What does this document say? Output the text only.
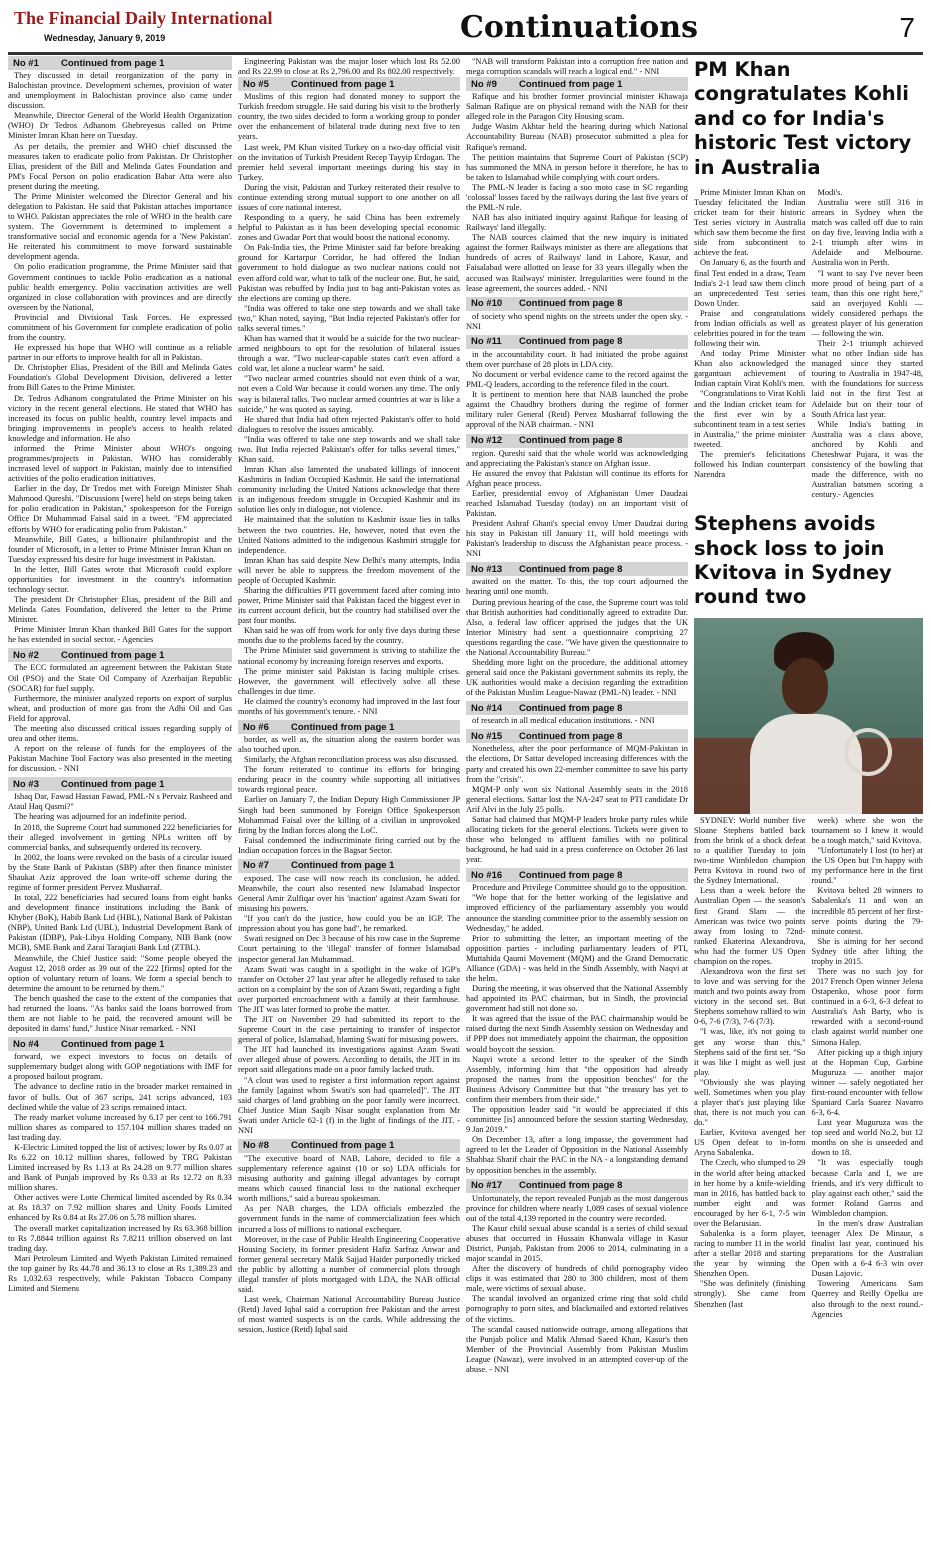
The Financial Daily International
Wednesday, January 9, 2019	Continuations	7
No #1	Continued from page 1

They discussed in detail reorganization of the party in Balochistan province. Development schemes, provision of water and unemployment in Balochistan province also came under discussion.

Meanwhile, Director General of the World Health Organization (WHO) Dr Tedros Adhanom Ghebreyesus called on Prime Minister Imran Khan here on Tuesday.

As per details, the premier and WHO chief discussed the measures taken to eradicate polio from Pakistan. Dr Christopher Elias, president of the Bill and Melinda Gates Foundation and PM's Focal Person on polio eradication Babar Atta were also present during the meeting.

The Prime Minister welcomed the Director General and his delegation to Pakistan. He said that Pakistan attaches importance to WHO. Pakistan appreciates the role of WHO in the health care system. The Government is determined to implement a transformative social and economic agenda for a 'New Pakistan'. He reiterated his commitment to move forward sustainable development agenda.

On polio eradication programme, the Prime Minister said that Government continues to tackle Polio eradication as a national public health emergency. Polio vaccination activities are well organized in close collaboration with provinces and are directly overseen by the National,

Provincial and Divisional Task Forces. He expressed commitment of his Government for complete eradication of polio from the country.

He expressed his hope that WHO will continue as a reliable partner in our efforts to improve health for all in Pakistan.

Dr. Christopher Elias, President of the Bill and Melinda Gates Foundation's Global Development Division, delivered a letter from Bill Gates to the Prime Minister.

Dr. Tedros Adhanom congratulated the Prime Minister on his victory in the recent general elections. He stated that WHO has increased its focus on public health, country level impacts and bringing improvements in people's access to health related knowledge and information. He also

informed the Prime Minister about WHO's ongoing programmes/projects in Pakistan. WHO has considerably increased level of support in Pakistan, mainly due to intensified activities of the polio eradication initiatives.

Earlier in the day, Dr Tredos met with Foreign Minister Shah Mahmood Qureshi. "Discussions [were] held on steps being taken for polio eradication in Pakistan," spokesperson for the Foreign Office Dr Muhammad Faisal said in a tweet. "FM appreciated efforts by WHO for eradicating polio from Pakistan."

Meanwhile, Bill Gates, a billionaire philanthropist and the founder of Microsoft, in a letter to Prime Minister Imran Khan on Tuesday expressed his desire for huge investment in Pakistan.

In the letter, Bill Gates wrote that Microsoft could explore opportunities for investment in the country's information technology sector.

The president Dr Christopher Elias, president of the Bill and Melinda Gates Foundation, delivered the letter to the Prime Minister.

Prime Minister Imran Khan thanked Bill Gates for the support he has extended in social sector. - Agencies

No #2	Continued from page 1

The ECC formulated an agreement between the Pakistan State Oil (PSO) and the State Oil Company of Azerbaijan Republic (SOCAR) for fuel supply.

Furthermore, the minister analyzed reports on export of surplus wheat, and production of more gas from the Adhi Oil and Gas Field for approval.

The meeting also discussed critical issues regarding supply of urea and other items.

A report on the release of funds for the employees of the Pakistan Machine Tool Factory was also presented in the meeting for discussion. - NNI

No #3	Continued from page 1

Ishaq Dar, Fawad Hassan Fawad, PML-N s Pervaiz Rasheed and Ataul Haq Qasmi?"

The hearing was adjourned for an indefinite period.

In 2018, the Supreme Court had summoned 222 beneficiaries for their alleged involvement in getting NPLs written off by commercial banks, and subsequently ordered its recovery.

In 2002, the loans were revoked on the basis of a circular issued by the State Bank of Pakistan (SBP) after then finance minister Shaukat Aziz approved the loan write-off scheme during the regime of former president Pervez Musharraf.

In total, 222 beneficiaries had secured loans from eight banks and development finance institutions including the Bank of Khyber (BoK), Habib Bank Ltd (HBL), National Bank of Pakistan (NBP), United Bank Ltd (UBL), Industrial Development Bank of Pakistan (IDBP), Pak-Libya Holding Company, NIB Bank (now MCB), SME Bank and Zarai Taraqiati Bank Ltd (ZTBL).

Meanwhile, the Chief Justice said: "Some people obeyed the August 12, 2018 order as 39 out of the 222 [firms] opted for the option of voluntary return of loans. We form a special bench to determine the amount to be returned by them."

The bench quashed the case to the extent of the companies that had returned the loans. "As banks said the loans borrowed from them are not liable to be paid, the recovered amount will be deposited in dams' fund," Justice Nisar remarked. - NNI

No #4	Continued from page 1

forward, we expect investors to focus on details of supplementary budget along with GOP negotiations with IMF for a proposed bailout program.

The advance to decline ratio in the broader market remained in favor of bulls. Out of 367 scrips, 241 scrips advanced, 103 declined while the value of 23 scrips remained intact.

The ready market volume increased by 6.17 per cent to 166.791 million shares as compared to 157.104 million shares traded on last trading day.

K-Electric Limited topped the list of actives; lower by Rs 0.07 at Rs 6.22 on 10.12 million shares, followed by TRG Pakistan Limited increased by Rs 1.13 at Rs 24.28 on 9.77 million shares and Bank of Punjab improved by Rs 0.33 at Rs 12.72 on 8.33 million shares.

Other actives were Lotte Chemical limited ascended by Rs 0.34 at Rs 18.37 on 7.92 million shares and Unity Foods Limited enhanced by Rs 0.84 at Rs 27.06 on 5.78 million shares.

The overall market capitalization increased by Rs 63.368 billion to Rs 7.8844 trillion against Rs 7.8211 trillion observed on last trading day.

Mari Petroleum Limited and Wyeth Pakistan Limited remained the top gainer by Rs 44.78 and 36.13 to close at Rs 1,389.23 and Rs 1,032.63 respectively, while Pakistan Tobacco Company Limited and Siemens

Engineering Pakistan was the major loser which lost Rs 52.00 and Rs 22.99 to close at Rs 2,796.00 and Rs 802.00 respectively.

No #5	Continued from page 1

Muslims of this region had donated money to support the Turkish freedom struggle. He said during his visit to the brotherly country, the two sides decided to form a working group to ponder over the enhancement of bilateral trade during next five to ten years.

Last week, PM Khan visited Turkey on a two-day official visit on the invitation of Turkish President Recep Tayyip Erdogan. The premier held several important meetings during his stay in Turkey.

During the visit, Pakistan and Turkey reiterated their resolve to continue extending strong mutual support to one another on all issues of core national interest.

Responding to a query, he said China has been extremely helpful to Pakistan as it has been developing special economic zones and Gwadar Port that would boost the national economy.

On Pak-India ties, the Prime Minister said far before breaking ground for Kartarpur Corridor, he had offered the Indian government to hold dialogue as two nuclear nations could not even afford cold war, what to talk of the nuclear one. But, he said, Pakistan was rebuffed by India just to bag anti-Pakistan votes as the elections are coming up there.

"India was offered to take one step towards and we shall take two," Khan noted, saying, "But India rejected Pakistan's offer for talks several times."

Khan has warned that it would be a suicide for the two nuclear-armed neighbours to opt for the resolution of bilateral issues through a war. "Two nuclear-capable states can't even afford a cold war, let alone a nuclear warm" he said.

"Two nuclear armed countries should not even think of a war, not even a Cold War because it could worsen any time. The only way is bilateral talks. Two nuclear armed countries at war is like a suicide," he was quoted as saying.

He shared that India had often rejected Pakistan's offer to hold dialogues to resolve the issues amicably.

"India was offered to take one step towards and we shall take two. But India rejected Pakistan's offer for talks several times," Khan said.

Imran Khan also lamented the unabated killings of innocent Kashmiris in Indian Occupied Kashmir. He said the international community including the United Nations acknowledge that there is an indigenous freedom struggle in Occupied Kashmir and its solution lies only in dialogue, not violence.

He maintained that the solution to Kashmir issue lies in talks between the two countries. He, however, noted that even the United Nations admitted to the indigenous Kashmiri struggle for independence.

Imran Khan has said despite New Delhi's many attempts, India will never be able to suppress the freedom movement of the people of Occupied Kashmir.

Sharing the difficulties PTI government faced after coming into power, Prime Minister said that Pakistan faced the biggest ever in its current account deficit, but the country had stabilised over the past four months.

Khan said he was off from work for only five days during these months due to the problems faced by the country.

The Prime Minister said government is striving to stabilize the national economy by increasing foreign reserves and exports.

The prime minister said Pakistan is facing multiple crises. However, the government will effectively solve all these challenges in due time.

He claimed the country's economy had improved in the last four months of his government's tenure. - NNI

No #6	Continued from page 1

border, as well as, the situation along the eastern border was also touched upon.

Similarly, the Afghan reconciliation process was also discussed.

The forum reiterated to continue its efforts for bringing enduring peace in the country while supporting all initiatives towards regional peace.

Earlier on January 7, the Indian Deputy High Commissioner JP Singh had been summoned by Foreign Office Spokesperson Mohammad Faisal over the killing of a civilian in unprovoked firing by the Indian forces along the LoC.

Faisal condemned the indiscriminate firing carried out by the Indian occupation forces in the Bagsar Sector.

No #7	Continued from page 1

exposed. The case will now reach its conclusion, he added. Meanwhile, the court also resented new Islamabad Inspector General Amir Zulfiqar over his 'inaction' against Azam Swati for misusing his powers.

"If you can't do the justice, how could you be an IGP. The impression about you has gone bad", he remarked.

Swati resigned on Dec 3 because of his row case in the Supreme Court pertaining to the 'illegal' transfer of former Islamabad inspector general Jan Muhammad.

Azam Swati was caught in a spotlight in the wake of IGP's transfer on October 27 last year after he allegedly refused to take action on a complaint by the son of Azam Swati, regarding a fight over purported encroachment with a family at their farmhouse. The JIT was later formed to probe the matter.

The JIT on November 29 had submitted its report to the Supreme Court in the case pertaining to transfer of inspector general of police, Islamabad, blaming Swati for misusing powers.

The JIT had launched its investigations against Azam Swati over alleged abuse of powers. According to details, the JIT in its report said allegations made on a poor family lacked truth.

"A clout was used to register a first information report against the family [against whom Swati's son had quarreled]". The JIT said charges of land grabbing on the poor family were incorrect. Chief Justice Mian Saqib Nisar sought explanation from Mr Swati under Article 62-1 (f) in the light of findings of the JIT. - NNI

No #8	Continued from page 1

"The executive board of NAB, Lahore, decided to file a supplementary reference against (10 or so) LDA officials for misusing authority and gaining illegal advantages by corrupt means which caused financial loss to the national exchequer worth millions," said a bureau spokesman.

As per NAB charges, the LDA officials embezzled the government funds in the name of commercialization fees which incurred a loss of millions to national exchequer.

Moreover, in the case of Public Health Engineering Cooperative Housing Society, its former president Hafiz Sarfraz Anwar and former general secretary Malik Sajjad Haider purportedly tricked the public by allotting a number of commercial plots through illegal transfer of plots mortgaged with LDA, the NAB official said.

Last week, Chairman National Accountability Bureau Justice (Retd) Javed Iqbal said a corruption free Pakistan and the arrest of most wanted suspects is on the cards. While addressing the session, Justice (Retd) Iqbal said

"NAB will transform Pakistan into a corruption free nation and mega corruption scandals will reach a logical end." - NNI

No #9	Continued from page 1

Rafique and his brother former provincial minister Khawaja Salman Rafique are on physical remand with the NAB for their alleged role in the Paragon City Housing scam.

Judge Wasim Akhtar held the hearing during which National Accountability Bureau (NAB) prosecutor submitted a plea for Rafique's remand.

The petition maintains that Supreme Court of Pakistan (SCP) has summoned the MNA in person before it therefore, he has to be taken to Islamabad while complying with court orders.

The PML-N leader is facing a suo moto case in SC regarding 'colossal' losses faced by the railways during the last five years of the PML-N rule.

NAB has also initiated inquiry against Rafique for leasing of Railways' land illegally.

The NAB sources claimed that the new inquiry is initiated against the former Railways minister as there are allegations that hundreds of acres of Railways' land in Lahore, Kasur, and Faisalabad were allotted on lease for 33 years illegally when the accused was Railways' minister. Irregularities were found in the lease agreement, the sources added. - NNI

No #10	Continued from page 8

of society who spend nights on the streets under the open sky. -NNI

No #11	Continued from page 8

in the accountability court. It had initiated the probe against them over purchase of 28 plots in LDA city.

No document or verbal evidence came to the record against the PML-Q leaders, according to the reference filed in the court.

It is pertinent to mention here that NAB launched the probe against the Chaudhry brothers during the regime of former military ruler General (Retd) Pervez Musharraf following the approval of the NAB chairman. - NNI

No #12	Continued from page 8

region. Qureshi said that the whole world was acknowledging and appreciating the Pakistan's stance on Afghan issue.

He assured the envoy that Pakistan will continue its efforts for Afghan peace process.

Earlier, presidential envoy of Afghanistan Umer Daudzai reached Islamabad Tuesday (today) on an important visit of Pakistan.

President Ashraf Ghani's special envoy Umer Daudzai during his stay in Pakistan till January 11, will hold meetings with Pakistan's leadership to discuss the Afghanistan peace process. - NNI

No #13	Continued from page 8

awaited on the matter. To this, the top court adjourned the hearing until one month.

During previous hearing of the case, the Supreme court was told that British authorities had conditionally agreed to extradite Dar. Also, a federal law officer apprised the judges that the UK Interior Ministry had sent a questionnaire comprising 27 questions regarding the case. "We have given the questionnaire to the National Accountability Bureau."

Shedding more light on the procedure, the additional attorney general said once the Pakistani government submits its reply, the UK authorities would make a decision regarding the extradition of the Pakistan Muslim League-Nawaz (PML-N) leader. - NNI

No #14	Continued from page 8

of research in all medical education institutions. - NNI

No #15	Continued from page 8

Nonetheless, after the poor performance of MQM-Pakistan in the elections, Dr Sattar developed increasing differences with the party and created his own 22-member committee to save his party from the "crisis".

MQM-P only won six National Assembly seats in the 2018 general elections. Sattar lost the NA-247 seat to PTI candidate Dr Arif Alvi in the July 25 polls.

Sattar had claimed that MQM-P leaders broke party rules while allocating tickets for the general elections. Tickets were given to those who belonged to affluent families with no political background, he had said in a press conference on October 26 last year.

No #16	Continued from page 8

Procedure and Privilege Committee should go to the opposition.

"We hope that for the better working of the legislative and improved efficiency of the parliamentary assembly you would announce the standing committee prior to the assembly session on Wednesday," he added.

Prior to submitting the letter, an important meeting of the opposition parties - including parliamentary leaders of PTI, Muttahida Qaumi Movement (MQM) and the Grand Democratic Alliance (GDA) - was held in the Sindh Assembly, with Naqvi at the helm.

During the meeting, it was observed that the National Assembly had appointed its PAC chairman, but in Sindh, the provincial government had still not done so.

It was agreed that the issue of the PAC chairmanship would be raised during the next Sindh Assembly session on Wednesday and if PPP does not immediately appoint the chairman, the opposition would boycott the session.

Naqvi wrote a second letter to the speaker of the Sindh Assembly, informing him that "the opposition had already proposed the names from the opposition benches" for the Business Advisory Committee but that "the treasury has yet to confirm their members from their side."

The opposition leader said "it would be appreciated if this committee [is] announced before the session starting Wednesday, 9 Jan 2019."

On December 13, after a long impasse, the government had agreed to let the Leader of Opposition in the National Assembly Shahbaz Sharif chair the PAC in the NA - a longstanding demand by opposition benches in the assembly.

No #17	Continued from page 8

Unfortunately, the report revealed Punjab as the most dangerous province for children where nearly 1,089 cases of sexual violence out of the total 4,139 reported in the country were recorded.

The Kasur child sexual abuse scandal is a series of child sexual abuses that occurred in Hussain Khanwala village in Kasur District, Punjab, Pakistan from 2006 to 2014, culminating in a major scandal in 2015.

After the discovery of hundreds of child pornography video clips it was estimated that 280 to 300 children, most of them male, were victims of sexual abuse.

The scandal involved an organized crime ring that sold child pornography to porn sites, and blackmailed and extorted relatives of the victims.

The scandal caused nationwide outrage, among allegations that the Punjab police and Malik Ahmad Saeed Khan, Kasur's then Member of the Provincial Assembly from Pakistan Muslim League (Nawaz), were involved in an attempted cover-up of the abuse. - NNI

PM Khan congratulates Kohli and co for India's historic Test victory in Australia

Prime Minister Imran Khan on Tuesday felicitated the Indian cricket team for their historic Test series victory in Australia which saw them become the first side from subcontinent to achieve the feat.

On January 6, as the fourth and final Test ended in a draw, Team India's 2-1 lead saw them clinch an unprecedented Test series Down Under.

Praise and congratulations from Indian officials as well as celebrities poured in for the team following their win.

And today Prime Minister Khan also acknowledged the gargantuan achievement of Indian captain Virat Kohli's men.

"Congratulations to Virat Kohli and the Indian cricket team for the first ever win by a subcontinent team in a test series in Australia," the prime minister tweeted.

The premier's felicitations followed his Indian counterpart Narendra

Modi's.

Australia were still 316 in arrears in Sydney when the match was called off due to rain on day five, leaving India with a 2-1 triumph after wins in Adelaide and Melbourne. Australia won in Perth.

"I want to say I've never been more proud of being part of a team, than this one right here," said an overjoyed Kohli — widely considered perhaps the greatest player of his generation — following the win.

Their 2-1 triumph achieved what no other Indian side has managed since they started touring to Australia in 1947-48, with the foundations for success laid not in the first Test at Adelaide but on their tour of South Africa last year.

While India's batting in Australia was a class above, anchored by Kohli and Cheteshwar Pujara, it was the consistency of the bowling that made the difference, with no Australian batsmen scoring a century.- Agencies

Stephens avoids shock loss to join Kvitova in Sydney round two

SYDNEY: World number five Sloane Stephens battled back from the brink of a shock defeat to a qualifier Tuesday to join two-time Wimbledon champion Petra Kvitova in round two of the Sydney International.

Less than a week before the Australian Open — the season's first Grand Slam — the American was twice two points away from losing to 72nd-ranked Ekaterina Alexandrova, who had the former US Open champion on the ropes.

Alexandrova won the first set to love and was serving for the match and two points away from victory in the second set. But Stephens somehow rallied to win 0-6, 7-6 (7/3), 7-6 (7/3).

"I was, like, it's not going to get any worse than this," Stephens said of the first set. "So it was like I might as well just play.

"Obviously she was playing well. Sometimes when you play a player that's just playing like that, there is not much you can do."

Earlier, Kvitova avenged her US Open defeat to in-form Aryna Sabalenka.

The Czech, who slumped to 29 in the world after being attacked in her home by a knife-wielding man in 2016, has battled back to number eight and was encouraged by her 6-1, 7-5 win over the Belarusian.

Sabalenka is a form player, racing to number 11 in the world after a stellar 2018 and starting the year by winning the Shenzhen Open.

"She was definitely (finishing strongly). She came from Shenzhen (last

week) where she won the tournament so I knew it would be a tough match," said Kvitova.

"Unfortunately I lost (to her) at the US Open but I'm happy with my performance here in the first round."

Kvitova belted 28 winners to Sabalenka's 11 and won an incredible 85 percent of her first-serve points during the 79-minute contest.

She is aiming for her second Sydney title after lifting the trophy in 2015.

There was no such joy for 2017 French Open winner Jelena Ostapenko, whose poor form continued in a 6-3, 6-3 defeat to Australia's Ash Barty, who is rewarded with a second-round clash against world number one Simona Halep.

After picking up a thigh injury at the Hopman Cup, Garbine Muguruza — another major winner — safely negotiated her first-round encounter with fellow Spaniard Carla Suarez Navarro 6-3, 6-4.

Last year Muguruza was the top seed and world No.2, but 12 months on she is unseeded and down to 18.

"It was especially tough because Carla and I, we are friends, and it's very difficult to play against each other," said the former Roland Garros and Wimbledon champion.

In the men's draw Australian teenager Alex De Minaur, a finalist last year, continued his preparations for the Australian Open with a 6-4 6-3 win over Dusan Lajovic.

Towering Americans Sam Querrey and Reilly Opelka are also through to the next round.- Agencies
